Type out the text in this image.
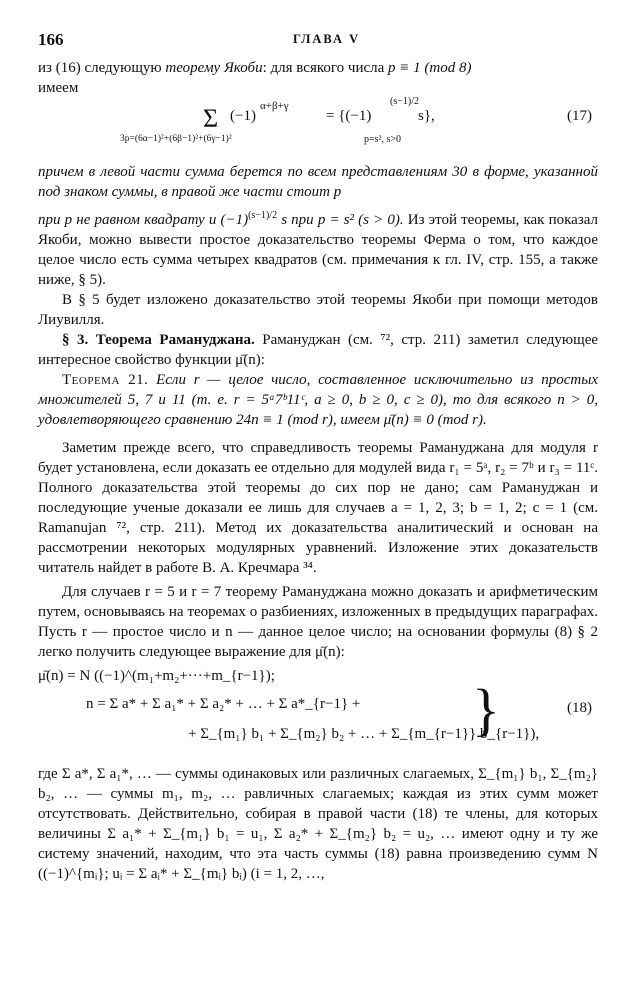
166	ГЛАВА V

из (16) следующую теорему Якоби: для всякого числа p ≡ 1 (mod 8)
имеем

Σ (−1)
α+β+γ
3p=(6α−1)²+(6β−1)²+(6γ−1)²
= {(−1)
(s−1)/2
s},
p=s², s>0
(17)

причем в левой части сумма берется по всем представлениям 30 в форме, указанной под знаком суммы, в правой же части стоит p

при p не равном квадрату и $(-1)^{(s-1)/2}$ s при p = s² (s > 0). Из этой теоремы, как показал Якоби, можно вывести простое доказательство теоремы Ферма о том, что каждое целое число есть сумма четырех квадратов (см. примечания к гл. IV, стр. 155, а также ниже, § 5).

В § 5 будет изложено доказательство этой теоремы Якоби при помощи методов Лиувилля.

§ 3. Теорема Рамануджана. Рамануджан (см. ⁷², стр. 211) заметил следующее интересное свойство функции μ̄(n):

Теорема 21. Если r — целое число, составленное исключительно из простых множителей 5, 7 и 11 (т. е. r = 5ᵃ7ᵇ11ᶜ, a ≥ 0, b ≥ 0, c ≥ 0), то для всякого n > 0, удовлетворяющего сравнению 24n ≡ 1 (mod r), имеем μ̄(n) ≡ 0 (mod r).

Заметим прежде всего, что справедливость теоремы Рамануджана для модуля r будет установлена, если доказать ее отдельно для модулей вида r₁ = 5ᵃ, r₂ = 7ᵇ и r₃ = 11ᶜ. Полного доказательства этой теоремы до сих пор не дано; сам Рамануджан и последующие ученые доказали ее лишь для случаев a = 1, 2, 3; b = 1, 2; c = 1 (см. Ramanujan ⁷², стр. 211). Метод их доказательства аналитический и основан на рассмотрении некоторых модулярных уравнений. Изложение этих доказательств читатель найдет в работе В. А. Кречмара ³⁴.

Для случаев r = 5 и r = 7 теорему Рамануджана можно доказать и арифметическим путем, основываясь на теоремах о разбиениях, изложенных в предыдущих параграфах. Пусть r — простое число и n — данное целое число; на основании формулы (8) § 2 легко получить следующее выражение для μ̄(n):

μ̄(n) = N ((−1)^(m₁+m₂+···+m_{r−1});
n = Σ a* + Σ a₁* + Σ a₂* + … + Σ a*_{r−1} +
+ Σ_{m₁} b₁ + Σ_{m₂} b₂ + … + Σ_{m_{r−1}} b_{r−1}),
}	(18)

где Σ a*, Σ a₁*, … — суммы одинаковых или различных слагаемых, Σ_{m₁} b₁, Σ_{m₂} b₂, … — суммы m₁, m₂, … равличных слагаемых; каждая из этих сумм может отсутствовать. Действительно, собирая в правой части (18) те члены, для которых величины Σ a₁* + Σ_{m₁} b₁ = u₁, Σ a₂* + Σ_{m₂} b₂ = u₂, … имеют одну и ту же систему значений, находим, что эта часть суммы (18) равна произведению сумм N ((−1)^{mᵢ}; uᵢ = Σ aᵢ* + Σ_{mᵢ} bᵢ) (i = 1, 2, …,
